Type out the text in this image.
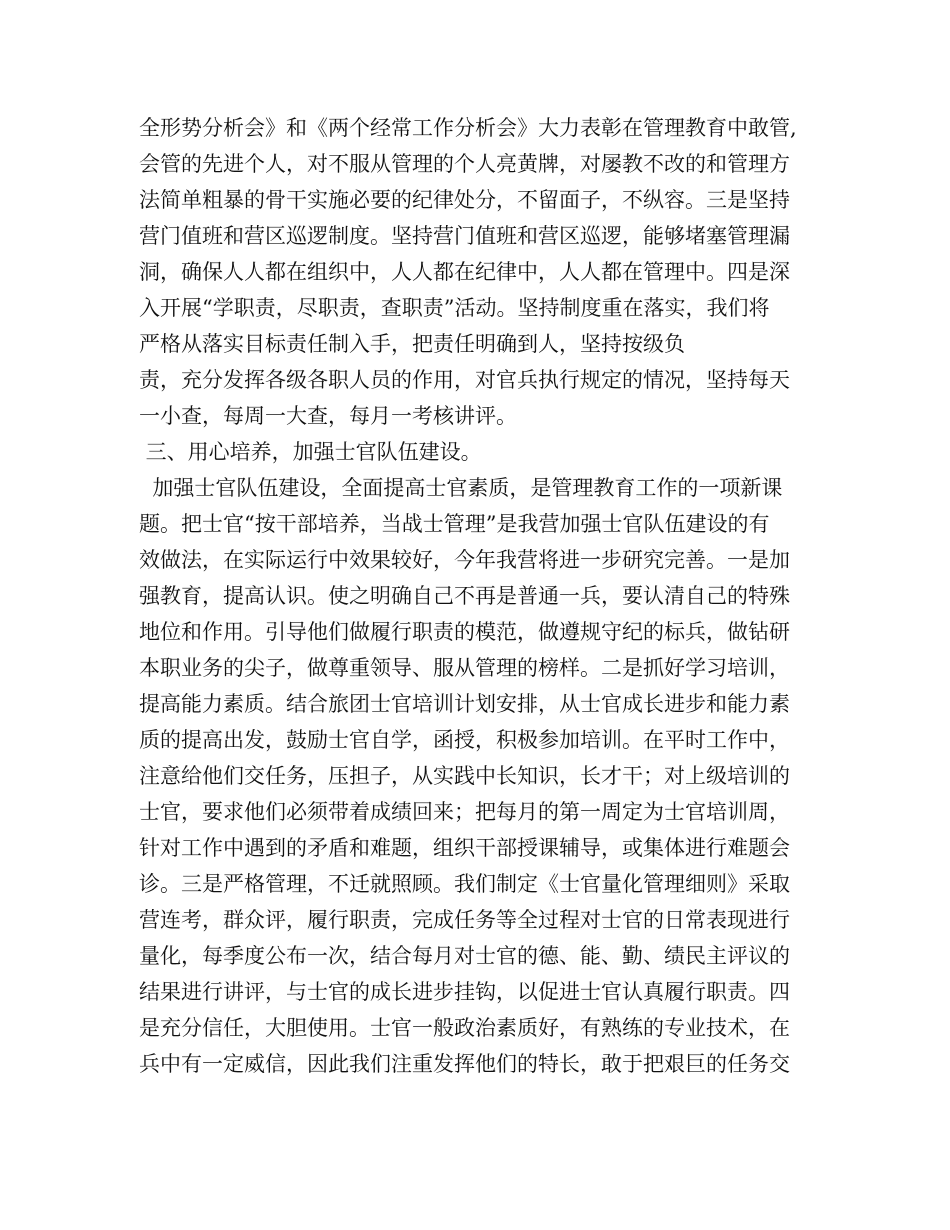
全形势分析会》和《两个经常工作分析会》大力表彰在管理教育中敢管,
会管的先进个人，对不服从管理的个人亮黄牌，对屡教不改的和管理方
法简单粗暴的骨干实施必要的纪律处分，不留面子，不纵容。三是坚持
营门值班和营区巡逻制度。坚持营门值班和营区巡逻，能够堵塞管理漏
洞，确保人人都在组织中，人人都在纪律中，人人都在管理中。四是深
入开展“学职责，尽职责，查职责”活动。坚持制度重在落实，我们将
严格从落实目标责任制入手，把责任明确到人，坚持按级负
责，充分发挥各级各职人员的作用，对官兵执行规定的情况，坚持每天
一小查，每周一大查，每月一考核讲评。
三、用心培养，加强士官队伍建设。
加强士官队伍建设，全面提高士官素质，是管理教育工作的一项新课
题。把士官“按干部培养，当战士管理”是我营加强士官队伍建设的有
效做法，在实际运行中效果较好，今年我营将进一步研究完善。一是加
强教育，提高认识。使之明确自己不再是普通一兵，要认清自己的特殊
地位和作用。引导他们做履行职责的模范，做遵规守纪的标兵，做钻研
本职业务的尖子，做尊重领导、服从管理的榜样。二是抓好学习培训，
提高能力素质。结合旅团士官培训计划安排，从士官成长进步和能力素
质的提高出发，鼓励士官自学，函授，积极参加培训。在平时工作中，
注意给他们交任务，压担子，从实践中长知识，长才干；对上级培训的
士官，要求他们必须带着成绩回来；把每月的第一周定为士官培训周，
针对工作中遇到的矛盾和难题，组织干部授课辅导，或集体进行难题会
诊。三是严格管理，不迁就照顾。我们制定《士官量化管理细则》采取
营连考，群众评，履行职责，完成任务等全过程对士官的日常表现进行
量化，每季度公布一次，结合每月对士官的德、能、勤、绩民主评议的
结果进行讲评，与士官的成长进步挂钩，以促进士官认真履行职责。四
是充分信任，大胆使用。士官一般政治素质好，有熟练的专业技术，在
兵中有一定威信，因此我们注重发挥他们的特长，敢于把艰巨的任务交
